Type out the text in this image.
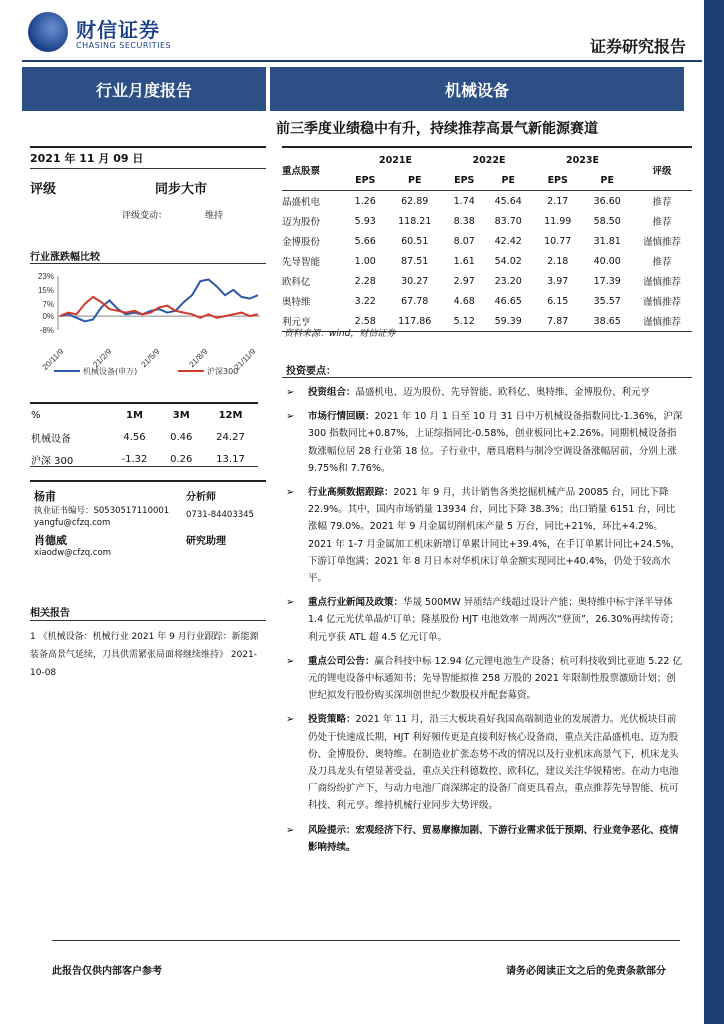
财信证券
CHASING SECURITIES	证券研究报告
行业月度报告	机械设备
前三季度业绩稳中有升，持续推荐高景气新能源赛道
2021 年 11 月 09 日
评级	同步大市
评级变动：	维持
行业涨跌幅比较
23%
15%
7%
0%
-8%
20/11/9	21/2/9	21/5/9	21/8/9	21/11/9
机械设备(申万)	沪深300
%	1M	3M	12M
机械设备	4.56	0.46	24.27
沪深 300	-1.32	0.26	13.17
杨甫	分析师
执业证书编号：S0530517110001
yangfu@cfzq.com
0731-84403345
肖德威	研究助理
xiaodw@cfzq.com
相关报告
1 《机械设备：机械行业 2021 年 9 月行业跟踪：新能源装备高景气延续，刀具供需紧张局面将继续维持》 2021-10-08
重点股票	2021E		2022E		2023E		评级
	EPS	PE	EPS	PE	EPS	PE	
晶盛机电	1.26	62.89	1.74	45.64	2.17	36.60	推荐
迈为股份	5.93	118.21	8.38	83.70	11.99	58.50	推荐
金博股份	5.66	60.51	8.07	42.42	10.77	31.81	谨慎推荐
先导智能	1.00	87.51	1.61	54.02	2.18	40.00	推荐
欧科亿	2.28	30.27	2.97	23.20	3.97	17.39	谨慎推荐
奥特维	3.22	67.78	4.68	46.65	6.15	35.57	谨慎推荐
利元亨	2.58	117.86	5.12	59.39	7.87	38.65	谨慎推荐
资料来源：wind，财信证券
投资要点：
➢ 投资组合：晶盛机电、迈为股份、先导智能、欧科亿、奥特维、金博股份、利元亨
➢ 市场行情回顾：2021 年 10 月 1 日至 10 月 31 日中万机械设备指数同比-1.36%，沪深 300 指数同比+0.87%，上证综指同比-0.58%，创业板同比+2.26%。同期机械设备指数涨幅位居 28 行业第 18 位。子行业中，磨具磨料与制冷空调设备涨幅居前，分别上涨 9.75%和 7.76%。
➢ 行业高频数据跟踪：2021 年 9 月，共计销售各类挖掘机械产品 20085 台，同比下降 22.9%。其中，国内市场销量 13934 台，同比下降 38.3%；出口销量 6151 台，同比涨幅 79.0%。2021 年 9 月金属切削机床产量 5 万台，同比+21%，环比+4.2%。2021 年 1-7 月金属加工机床新增订单累计同比+39.4%，在手订单累计同比+24.5%，下游订单饱满；2021 年 8 月日本对华机床订单金额实现同比+40.4%，仍处于较高水平。
➢ 重点行业新闻及政策：华晟 500MW 异质结产线超过设计产能；奥特维中标宇泽半导体 1.4 亿元光伏单晶炉订单；隆基股份 HJT 电池效率一周两次“登顶”，26.30%再续传奇；利元亨获 ATL 超 4.5 亿元订单。
➢ 重点公司公告：赢合科技中标 12.94 亿元锂电池生产设备；杭可科技收到比亚迪 5.22 亿元的锂电设备中标通知书；先导智能拟推 258 万股的 2021 年限制性股票激励计划；创世纪拟发行股份购买深圳创世纪少数股权并配套募资。
➢ 投资策略：2021 年 11 月，沿三大板块看好我国高端制造业的发展潜力。光伏板块目前仍处于快速成长期，HJT 利好頻传更是直接利好核心设备商，重点关注晶盛机电、迈为股份、金博股份、奥特维。在制造业扩张态势不改的情况以及行业机床高景气下，机床龙头及刀具龙头有望显著受益，重点关注科德数控、欧科亿，建议关注华锐精密。在动力电池厂商纷纷扩产下，与动力电池厂商深绑定的设备厂商更具看点，重点推荐先导智能、杭可科技、利元亨。维持机械行业同步大势评级。
➢ 风险提示：宏观经济下行、贸易摩擦加剧、下游行业需求低于预期、行业竞争恶化、疫情影响持续。
此报告仅供内部客户参考	请务必阅读正文之后的免责条款部分
